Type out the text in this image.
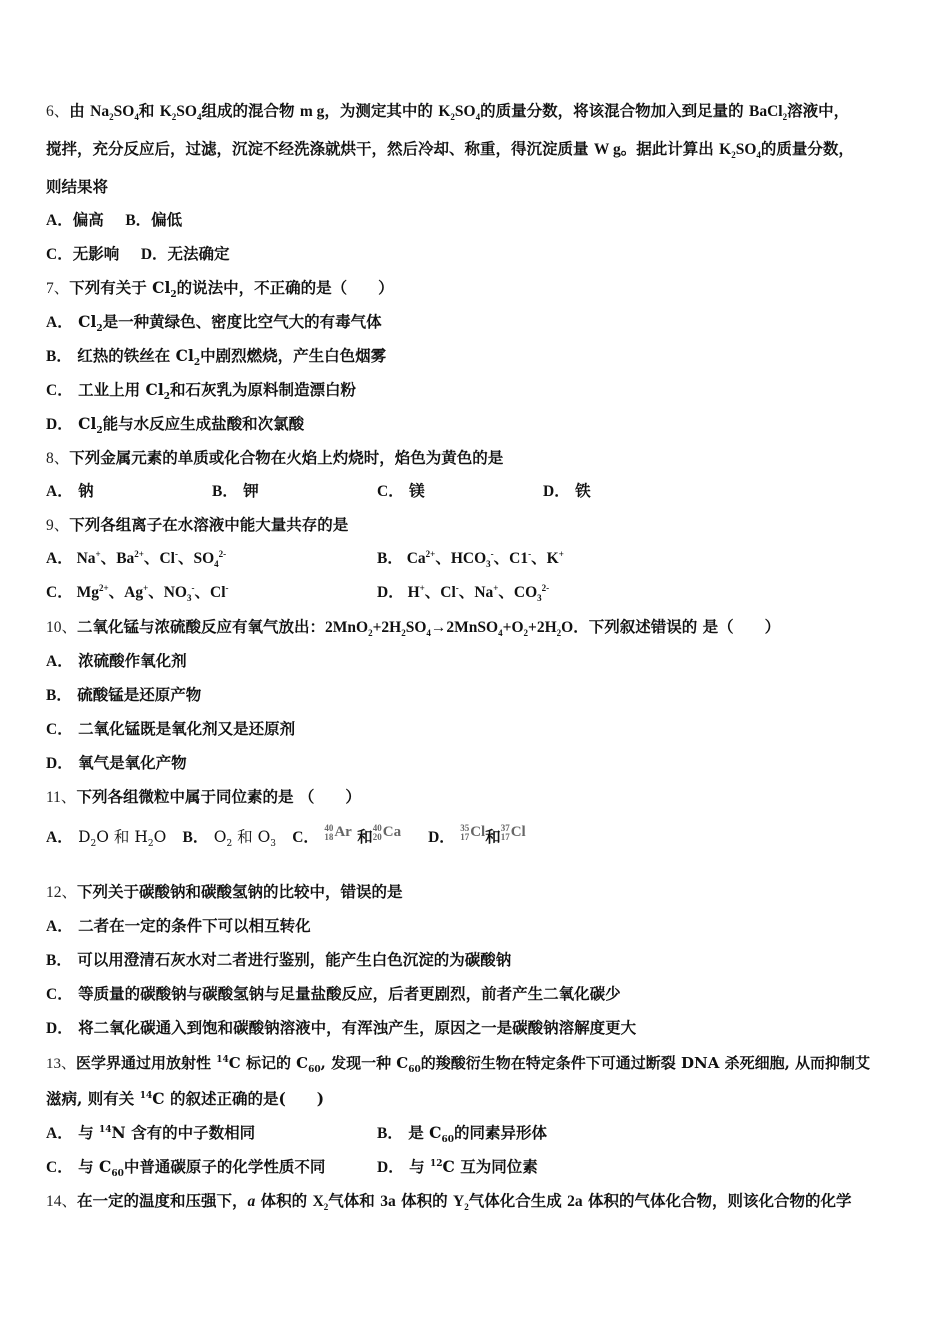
6、由 $Na_2SO_4$和 $K_2SO_4$组成的混合物 m g，为测定其中的 $K_2SO_4$的质量分数，将该混合物加入到足量的 BaCl$_2$溶液中，
搅拌，充分反应后，过滤，沉淀不经洗涤就烘干，然后冷却、称重，得沉淀质量 W g。据此计算出 $K_2SO_4$的质量分数，
则结果将
A．偏高 B．偏低
C．无影响 D．无法确定
7、下列有关于 $Cl_2$的说法中，不正确的是（　　）
A． $Cl_2$是一种黄绿色、密度比空气大的有毒气体
B． 红热的铁丝在 $Cl_2$中剧烈燃烧，产生白色烟雾
C． 工业上用 $Cl_2$和石灰乳为原料制造漂白粉
D． $Cl_2$能与水反应生成盐酸和次氯酸
8、下列金属元素的单质或化合物在火焰上灼烧时，焰色为黄色的是
A． 钠	B． 钾	C． 镁	D． 铁
9、下列各组离子在水溶液中能大量共存的是
A． Na+、$Ba^{2+}$、Cl-、$SO_4^{2-}$	B． $Ca^{2+}$、$HCO_3^-$、C1-、K+
C． $Mg^{2+}$、Ag+、$NO_3^-$、Cl-	D． H+、Cl-、Na+、$CO_3^{2-}$
10、二氧化锰与浓硫酸反应有氧气放出：$2MnO_2+2H_2SO_4\to 2MnSO_4+O_2+2H_2O$．下列叙述错误的 是（　　）
A． 浓硫酸作氧化剂
B． 硫酸锰是还原产物
C． 二氧化锰既是氧化剂又是还原剂
D． 氧气是氧化产物
11、下列各组微粒中属于同位素的是 （　　）
A． $D_2O$ 和 $H_2O$ B． $O_2$ 和 $O_3$ C．
40
18 Ar 和 40
20 Ca D．
35
17 Cl和 37
17 Cl
12、下列关于碳酸钠和碳酸氢钠的比较中，错误的是
A． 二者在一定的条件下可以相互转化
B． 可以用澄清石灰水对二者进行鉴别，能产生白色沉淀的为碳酸钠
C． 等质量的碳酸钠与碳酸氢钠与足量盐酸反应，后者更剧烈，前者产生二氧化碳少
D． 将二氧化碳通入到饱和碳酸钠溶液中，有浑浊产生，原因之一是碳酸钠溶解度更大
13、医学界通过用放射性 $^{14}$C 标记的 $C_{60}$, 发现一种 $C_{60}$的羧酸衍生物在特定条件下可通过断裂 DNA 杀死细胞, 从而抑制艾
滋病, 则有关 $^{14}$C 的叙述正确的是(　　)
A． 与 $^{14}$N 含有的中子数相同	B． 是 $C_{60}$的同素异形体
C． 与 $C_{60}$中普通碳原子的化学性质不同	D． 与 $^{12}$C 互为同位素
14、在一定的温度和压强下，a 体积的 $X_2$气体和 3a 体积的 $Y_2$气体化合生成 2a 体积的气体化合物，则该化合物的化学
